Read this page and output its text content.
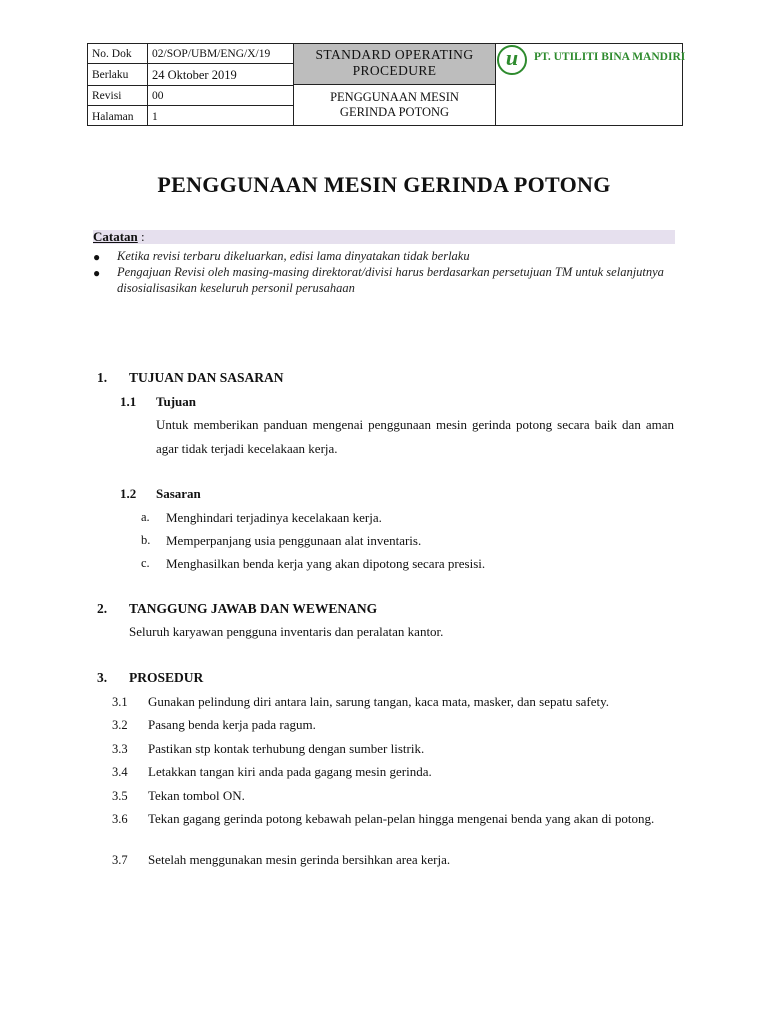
No. Dok 02/SOP/UBM/ENG/X/19
Berlaku 24 Oktober 2019
Revisi	00
Halaman 1
STANDARD OPERATING
PROCEDURE
PENGGUNAAN MESIN
GERINDA POTONG
u PT. UTILITI BINA MANDIRI
PENGGUNAAN MESIN GERINDA POTONG
Catatan :
● Ketika revisi terbaru dikeluarkan, edisi lama dinyatakan tidak berlaku
● Pengajuan Revisi oleh masing-masing direktorat/divisi harus berdasarkan persetujuan TM untuk selanjutnya disosialisasikan keseluruh personil perusahaan
1. TUJUAN DAN SASARAN
1.1 Tujuan
Untuk memberikan panduan mengenai penggunaan mesin gerinda potong secara baik dan aman agar tidak terjadi kecelakaan kerja.
1.2 Sasaran
a. Menghindari terjadinya kecelakaan kerja.
b. Memperpanjang usia penggunaan alat inventaris.
c. Menghasilkan benda kerja yang akan dipotong secara presisi.
2. TANGGUNG JAWAB DAN WEWENANG
Seluruh karyawan pengguna inventaris dan peralatan kantor.
3. PROSEDUR
3.1 Gunakan pelindung diri antara lain, sarung tangan, kaca mata, masker, dan sepatu safety.
3.2 Pasang benda kerja pada ragum.
3.3 Pastikan stp kontak terhubung dengan sumber listrik.
3.4 Letakkan tangan kiri anda pada gagang mesin gerinda.
3.5 Tekan tombol ON.
3.6 Tekan gagang gerinda potong kebawah pelan-pelan hingga mengenai benda yang akan di potong.
3.7 Setelah menggunakan mesin gerinda bersihkan area kerja.
